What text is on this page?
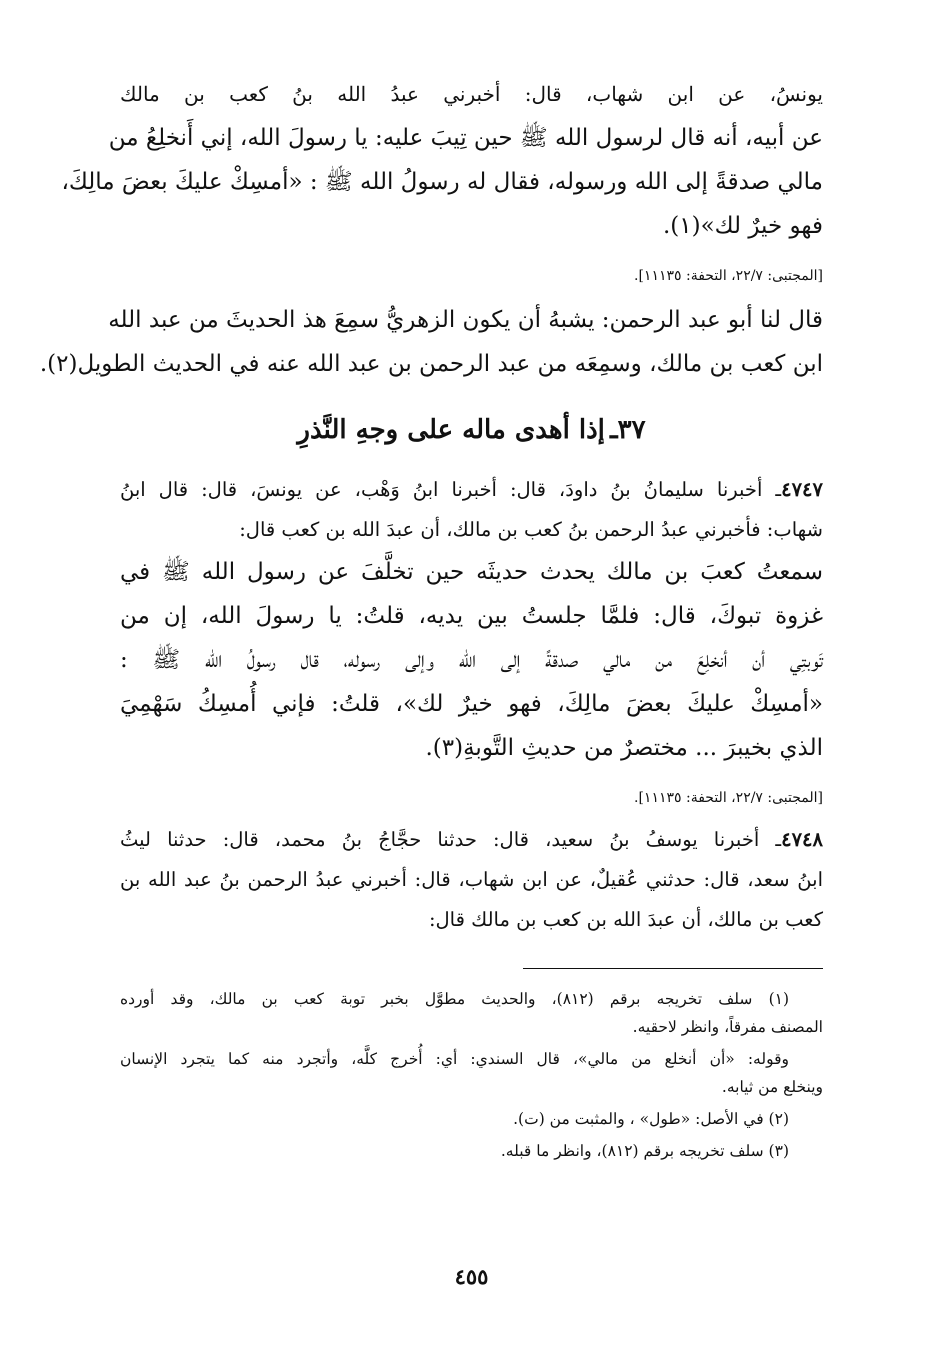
يونسُ، عن ابن شهاب، قال: أخبرني عبدُ الله بنُ كعب بن مالك
عن أبيه، أنه قال لرسول الله ﷺ حين تِيبَ عليه: يا رسولَ الله، إني أَنخلِعُ من
مالي صدقةً إلى الله ورسوله، فقال له رسولُ الله ﷺ : «أمسِكْ عليكَ بعضَ مالِكَ،
فهو خيرٌ لك»(١).
[المجتبى: ٢٢/٧، التحفة: ١١١٣٥].
قال لنا أبو عبد الرحمن: يشبهُ أن يكون الزهريُّ سمِعَ هذ الحديثَ من عبد الله
ابن كعب بن مالك، وسمِعَه من عبد الرحمن بن عبد الله عنه في الحديث الطويل(٢).
٣٧ـ إذا أهدى ماله على وجهِ النَّذرِ
٤٧٤٧ـ أخبرنا سليمانُ بنُ داودَ، قال: أخبرنا ابنُ وَهْب، عن يونسَ، قال: قال ابنُ
شهاب: فأخبرني عبدُ الرحمن بنُ كعب بن مالك، أن عبدَ الله بن كعب قال:
سمعتُ كعبَ بن مالك يحدث حديثَه حين تخلَّفَ عن رسول الله ﷺ في
غزوة تبوكَ، قال: فلمَّا جلستُ بين يديه، قلتُ: يا رسولَ الله، إن من
تَوبتِي أن أنخلِعَ من مالي صدقةً إلى الله وإلى رسوله، قال رسولُ الله ﷺ :
«أمسِكْ عليكَ بعضَ مالِكَ، فهو خيرٌ لك»، قلتُ: فإني أُمسِكُ سَهْمِيَ
الذي بخيبرَ ... مختصرٌ من حديثِ التَّوبةِ(٣).
[المجتبى: ٢٢/٧، التحفة: ١١١٣٥].
٤٧٤٨ـ أخبرنا يوسفُ بنُ سعيد، قال: حدثنا حجَّاجُ بنُ محمد، قال: حدثنا ليثُ
ابنُ سعد، قال: حدثني عُقيلٌ، عن ابن شهاب، قال: أخبرني عبدُ الرحمن بنُ عبد الله بن
كعب بن مالك، أن عبدَ الله بن كعب بن مالك قال:
(١) سلف تخريجه برقم (٨١٢)، والحديث مطوَّل بخبر توبة كعب بن مالك، وقد أورده
المصنف مفرقاً، وانظر لاحقيه.
وقوله: «أن أنخلع من مالي»، قال السندي: أي: أُخرج كلَّه، وأتجرد منه كما يتجرد الإنسان
وينخلع من ثيابه.
(٢) في الأصل: «طول» ، والمثبت من (ت).
(٣) سلف تخريجه برقم (٨١٢)، وانظر ما قبله.
٤٥٥
